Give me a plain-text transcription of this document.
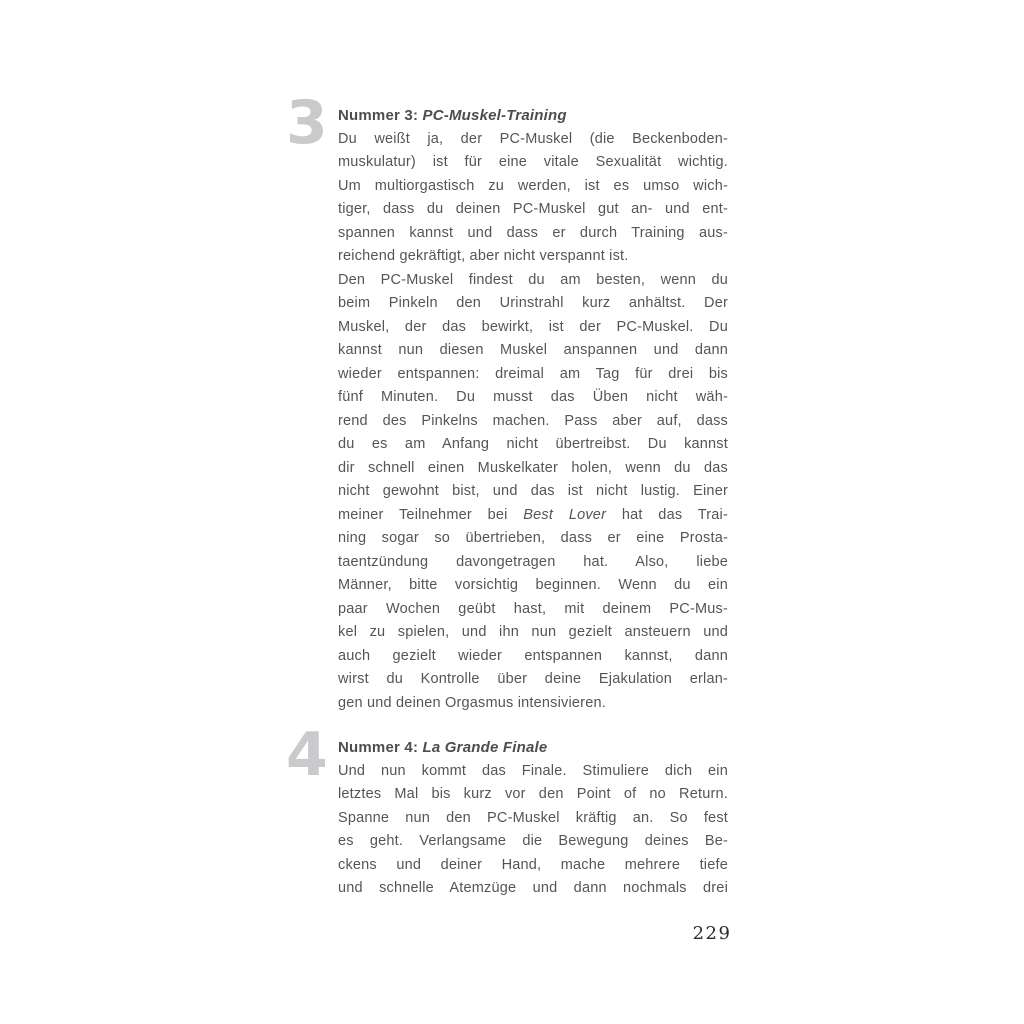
3 Nummer 3: PC-Muskel-Training
Du weißt ja, der PC-Muskel (die Beckenboden-
muskulatur) ist für eine vitale Sexualität wichtig.
Um multiorgastisch zu werden, ist es umso wich-
tiger, dass du deinen PC-Muskel gut an- und ent-
spannen kannst und dass er durch Training aus-
reichend gekräftigt, aber nicht verspannt ist.
Den PC-Muskel findest du am besten, wenn du
beim Pinkeln den Urinstrahl kurz anhältst. Der
Muskel, der das bewirkt, ist der PC-Muskel. Du
kannst nun diesen Muskel anspannen und dann
wieder entspannen: dreimal am Tag für drei bis
fünf Minuten. Du musst das Üben nicht wäh-
rend des Pinkelns machen. Pass aber auf, dass
du es am Anfang nicht übertreibst. Du kannst
dir schnell einen Muskelkater holen, wenn du das
nicht gewohnt bist, und das ist nicht lustig. Einer
meiner Teilnehmer bei Best Lover hat das Trai-
ning sogar so übertrieben, dass er eine Prosta-
taentzündung davongetragen hat. Also, liebe
Männer, bitte vorsichtig beginnen. Wenn du ein
paar Wochen geübt hast, mit deinem PC-Mus-
kel zu spielen, und ihn nun gezielt ansteuern und
auch gezielt wieder entspannen kannst, dann
wirst du Kontrolle über deine Ejakulation erlan-
gen und deinen Orgasmus intensivieren.
4 Nummer 4: La Grande Finale
Und nun kommt das Finale. Stimuliere dich ein
letztes Mal bis kurz vor den Point of no Return.
Spanne nun den PC-Muskel kräftig an. So fest
es geht. Verlangsame die Bewegung deines Be-
ckens und deiner Hand, mache mehrere tiefe
und schnelle Atemzüge und dann nochmals drei
229
